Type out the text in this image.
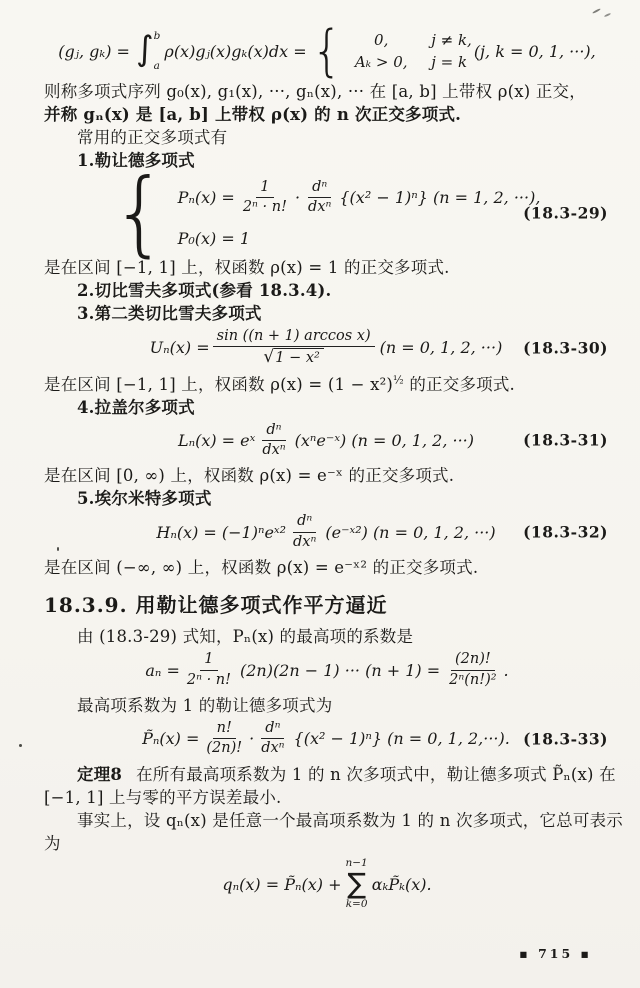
(gⱼ, gₖ) = ∫ b
a
ρ(x)gⱼ(x)gₖ(x)dx = {	0,	j ≠ k,
Aₖ > 0,	j = k
(j, k = 0, 1, ···),

则称多项式序列 g₀(x), g₁(x), ···, gₙ(x), ··· 在 [a, b] 上带权 ρ(x) 正交，

并称 gₙ(x) 是 [a, b] 上带权 ρ(x) 的 n 次正交多项式.

常用的正交多项式有

1.勒让德多项式

{ $P_n(x) = \frac{1}{\text{2ⁿ · n!}} \cdot \frac{\text{dⁿ}}{\text{dxⁿ}} \{(x^2 - 1)^n\} (n = 1$, 2, ···),
P₀(x) = 1
(18.3-29)

是在区间 [−1, 1] 上，权函数 ρ(x) = 1 的正交多项式.

2.切比雪夫多项式(参看 18.3.4).

3.第二类切比雪夫多项式

$U_n(x) = \frac{\text{sin ((n + 1) arccos x)}}{\text{√ 1 − x²}} (n = 0$, 1, 2, ···) (18.3-30)

是在区间 [−1, 1] 上，权函数 $\rho(x) = (1 - x^2)^{\frac{1}{2}}$ 的正交多项式.

4.拉盖尔多项式

Lₙ(x) = eˣ $\frac{\text{dⁿ}}{\text{dxⁿ}}$ (xⁿe⁻ˣ) (n = 0, 1, 2, ···)	(18.3-31)

是在区间 [0, ∞) 上，权函数 ρ(x) = e⁻ˣ 的正交多项式.

5.埃尔米特多项式

Hₙ(x) = (−1)ⁿeˣ² $\frac{\text{dⁿ}}{\text{dxⁿ}}$ (e⁻ˣ²) (n = 0, 1, 2, ···) (18.3-32)

是在区间 (−∞, ∞) 上，权函数 ρ(x) = e⁻ˣ² 的正交多项式.

18.3.9. 用勒让德多项式作平方逼近

由 (18.3-29) 式知，Pₙ(x) 的最高项的系数是

$a_n = \frac{1}{\text{2ⁿ · n!}} (2n)(2n - 1)$ ··· $(n + 1) = \frac{(2n)!}{\text{2ⁿ(n!)²}}$ .

最高项系数为 1 的勒让德多项式为

P̃ₙ(x) = $\frac{n!}{(2n)!} \cdot \frac{\text{dⁿ}}{\text{dxⁿ}} \{(x^2 - 1)^n\} (n = 0$, 1, 2,···). (18.3-33)

定理8 在所有最高项系数为 1 的 n 次多项式中，勒让德多项式 P̃ₙ(x) 在

[−1, 1] 上与零的平方误差最小.

事实上，设 qₙ(x) 是任意一个最高项系数为 1 的 n 次多项式，它总可表示

为

qₙ(x) = P̃ₙ(x) +
n−1
∑
k=0
αₖP̃ₖ(x).
▪ 715 ▪
